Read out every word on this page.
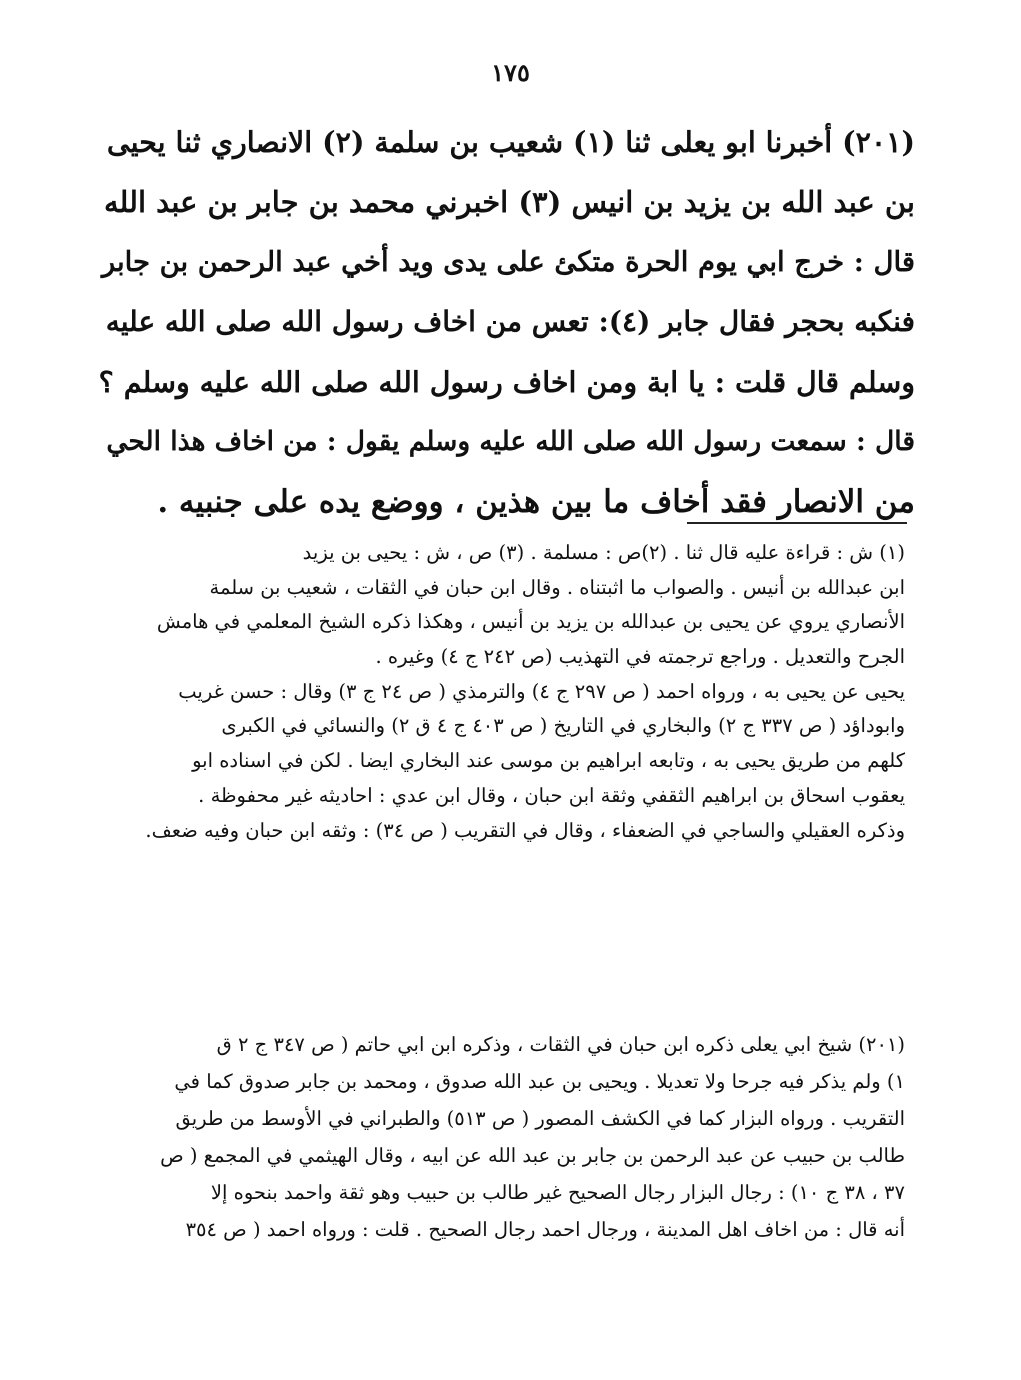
١٧٥
(٢٠١) أخبرنا ابو يعلى ثنا (١) شعيب بن سلمة (٢) الانصاري ثنا يحيى
بن عبد الله بن يزيد بن انيس (٣) اخبرني محمد بن جابر بن عبد الله
قال : خرج ابي يوم الحرة متكئ على يدى ويد أخي عبد الرحمن بن جابر
فنكبه بحجر فقال جابر (٤): تعس من اخاف رسول الله صلى الله عليه
وسلم قال قلت : يا ابة ومن اخاف رسول الله صلى الله عليه وسلم ؟
قال : سمعت رسول الله صلى الله عليه وسلم يقول : من اخاف هذا الحي
من الانصار فقد أخاف ما بين هذين ، ووضع يده على جنبيه .
(١) ش : قراءة عليه قال ثنا . (٢)ص : مسلمة . (٣) ص ، ش : يحيى بن يزيد
ابن عبدالله بن أنيس . والصواب ما اثبتناه . وقال ابن حبان في الثقات ، شعيب بن سلمة
الأنصاري يروي عن يحيى بن عبدالله بن يزيد بن أنيس ، وهكذا ذكره الشيخ المعلمي في هامش
الجرح والتعديل . وراجع ترجمته في التهذيب (ص ٢٤٢ ج ٤) وغيره .
يحيى عن يحيى به ، ورواه احمد ( ص ٢٩٧ ج ٤) والترمذي ( ص ٢٤ ج ٣) وقال : حسن غريب
وابوداؤد ( ص ٣٣٧ ج ٢) والبخاري في التاريخ ( ص ٤٠٣ ج ٤ ق ٢) والنسائي في الكبرى
كلهم من طريق يحيى به ، وتابعه ابراهيم بن موسى عند البخاري ايضا . لكن في اسناده ابو
يعقوب اسحاق بن ابراهيم الثقفي وثقة ابن حبان ، وقال ابن عدي : احاديثه غير محفوظة .
وذكره العقيلي والساجي في الضعفاء ، وقال في التقريب ( ص ٣٤) : وثقه ابن حبان وفيه ضعف.
(٢٠١) شيخ ابي يعلى ذكره ابن حبان في الثقات ، وذكره ابن ابي حاتم ( ص ٣٤٧ ج ٢ ق
١) ولم يذكر فيه جرحا ولا تعديلا . ويحيى بن عبد الله صدوق ، ومحمد بن جابر صدوق كما في
التقريب . ورواه البزار كما في الكشف المصور ( ص ٥١٣) والطبراني في الأوسط من طريق
طالب بن حبيب عن عبد الرحمن بن جابر بن عبد الله عن ابيه ، وقال الهيثمي في المجمع ( ص
٣٧ ، ٣٨ ج ١٠) : رجال البزار رجال الصحيح غير طالب بن حبيب وهو ثقة واحمد بنحوه إلا
أنه قال : من اخاف اهل المدينة ، ورجال احمد رجال الصحيح . قلت : ورواه احمد ( ص ٣٥٤
